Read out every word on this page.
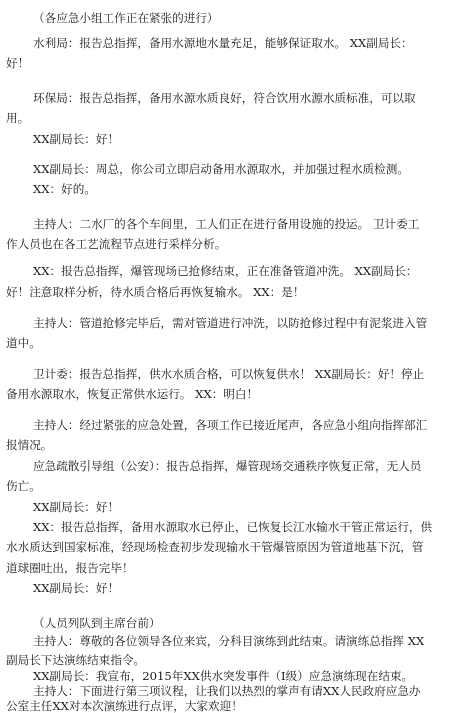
（各应急小组工作正在紧张的进行）
水利局：报告总指挥，备用水源地水量充足，能够保证取水。 XX副局长：
好！
环保局：报告总指挥，备用水源水质良好，符合饮用水源水质标准，可以取
用。
XX副局长：好！
XX副局长：周总，你公司立即启动备用水源取水，并加强过程水质检测。
XX：好的。
主持人：二水厂的各个车间里，工人们正在进行备用设施的投运。 卫计委工
作人员也在各工艺流程节点进行采样分析。
XX：报告总指挥，爆管现场已抢修结束，正在准备管道冲洗。 XX副局长：
好！注意取样分析，待水质合格后再恢复输水。 XX：是！
主持人：管道抢修完毕后，需对管道进行冲洗，以防抢修过程中有泥浆进入管
道中。
卫计委：报告总指挥，供水水质合格，可以恢复供水！ XX副局长：好！停止
备用水源取水，恢复正常供水运行。 XX：明白！
主持人：经过紧张的应急处置，各项工作已接近尾声，各应急小组向指挥部汇
报情况。
应急疏散引导组（公安）：报告总指挥，爆管现场交通秩序恢复正常，无人员
伤亡。
XX副局长：好！
XX：报告总指挥，备用水源取水已停止，已恢复长江水输水干管正常运行，供
水水质达到国家标准，经现场检查初步发现输水干管爆管原因为管道地基下沉，管
道球圈吐出，报告完毕！
XX副局长：好！
（人员列队到主席台前）
主持人：尊敬的各位领导各位来宾，分科目演练到此结束。请演练总指挥 XX
副局长下达演练结束指令。
XX副局长：我宣布，2015年XX供水突发事件（Ⅰ级）应急演练现在结束。
主持人：下面进行第三项议程，让我们以热烈的掌声有请XX人民政府应急办
公室主任XX对本次演练进行点评，大家欢迎！
